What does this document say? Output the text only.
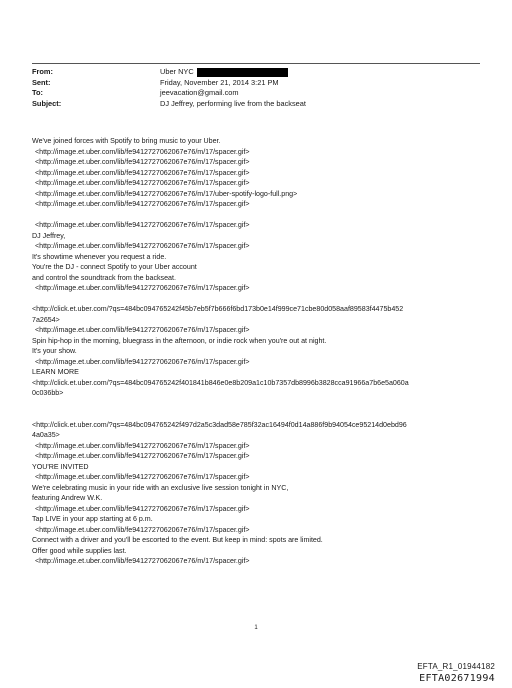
From:	Uber NYC
Sent:	Friday, November 21, 2014 3:21 PM
To:	jeevacation@gmail.com
Subject:	DJ Jeffrey, performing live from the backseat
We've joined forces with Spotify to bring music to your Uber.
<http://image.et.uber.com/lib/fe9412727062067e76/m/17/spacer.gif>
<http://image.et.uber.com/lib/fe9412727062067e76/m/17/spacer.gif>
<http://image.et.uber.com/lib/fe9412727062067e76/m/17/spacer.gif>
<http://image.et.uber.com/lib/fe9412727062067e76/m/17/spacer.gif>
<http://image.et.uber.com/lib/fe9412727062067e76/m/17/uber-spotify-logo-full.png>
<http://image.et.uber.com/lib/fe9412727062067e76/m/17/spacer.gif>
<http://image.et.uber.com/lib/fe9412727062067e76/m/17/spacer.gif>
DJ Jeffrey,
<http://image.et.uber.com/lib/fe9412727062067e76/m/17/spacer.gif>
It's showtime whenever you request a ride.
You're the DJ - connect Spotify to your Uber account
and control the soundtrack from the backseat.
<http://image.et.uber.com/lib/fe9412727062067e76/m/17/spacer.gif>
<http://click.et.uber.com/?qs=484bc094765242f45b7eb5f7b666f6bd173b0e14f999ce71cbe80d058aaf89583f4475b452
7a2654>
<http://image.et.uber.com/lib/fe9412727062067e76/m/17/spacer.gif>
Spin hip-hop in the morning, bluegrass in the afternoon, or indie rock when you're out at night.
It's your show.
<http://image.et.uber.com/lib/fe9412727062067e76/m/17/spacer.gif>
LEARN MORE
<http://click.et.uber.com/?qs=484bc094765242f401841b846e0e8b209a1c10b7357db8996b3828cca91966a7b6e5a060a
0c036bb>
<http://click.et.uber.com/?qs=484bc094765242f497d2a5c3dad58e785f32ac16494f0d14a886f9b94054ce95214d0ebd96
4a0a35>
<http://image.et.uber.com/lib/fe9412727062067e76/m/17/spacer.gif>
<http://image.et.uber.com/lib/fe9412727062067e76/m/17/spacer.gif>
YOU'RE INVITED
<http://image.et.uber.com/lib/fe9412727062067e76/m/17/spacer.gif>
We're celebrating music in your ride with an exclusive live session tonight in NYC,
featuring Andrew W.K.
<http://image.et.uber.com/lib/fe9412727062067e76/m/17/spacer.gif>
Tap LIVE in your app starting at 6 p.m.
<http://image.et.uber.com/lib/fe9412727062067e76/m/17/spacer.gif>
Connect with a driver and you'll be escorted to the event. But keep in mind: spots are limited.
Offer good while supplies last.
<http://image.et.uber.com/lib/fe9412727062067e76/m/17/spacer.gif>
1
EFTA_R1_01944182
EFTA02671994
